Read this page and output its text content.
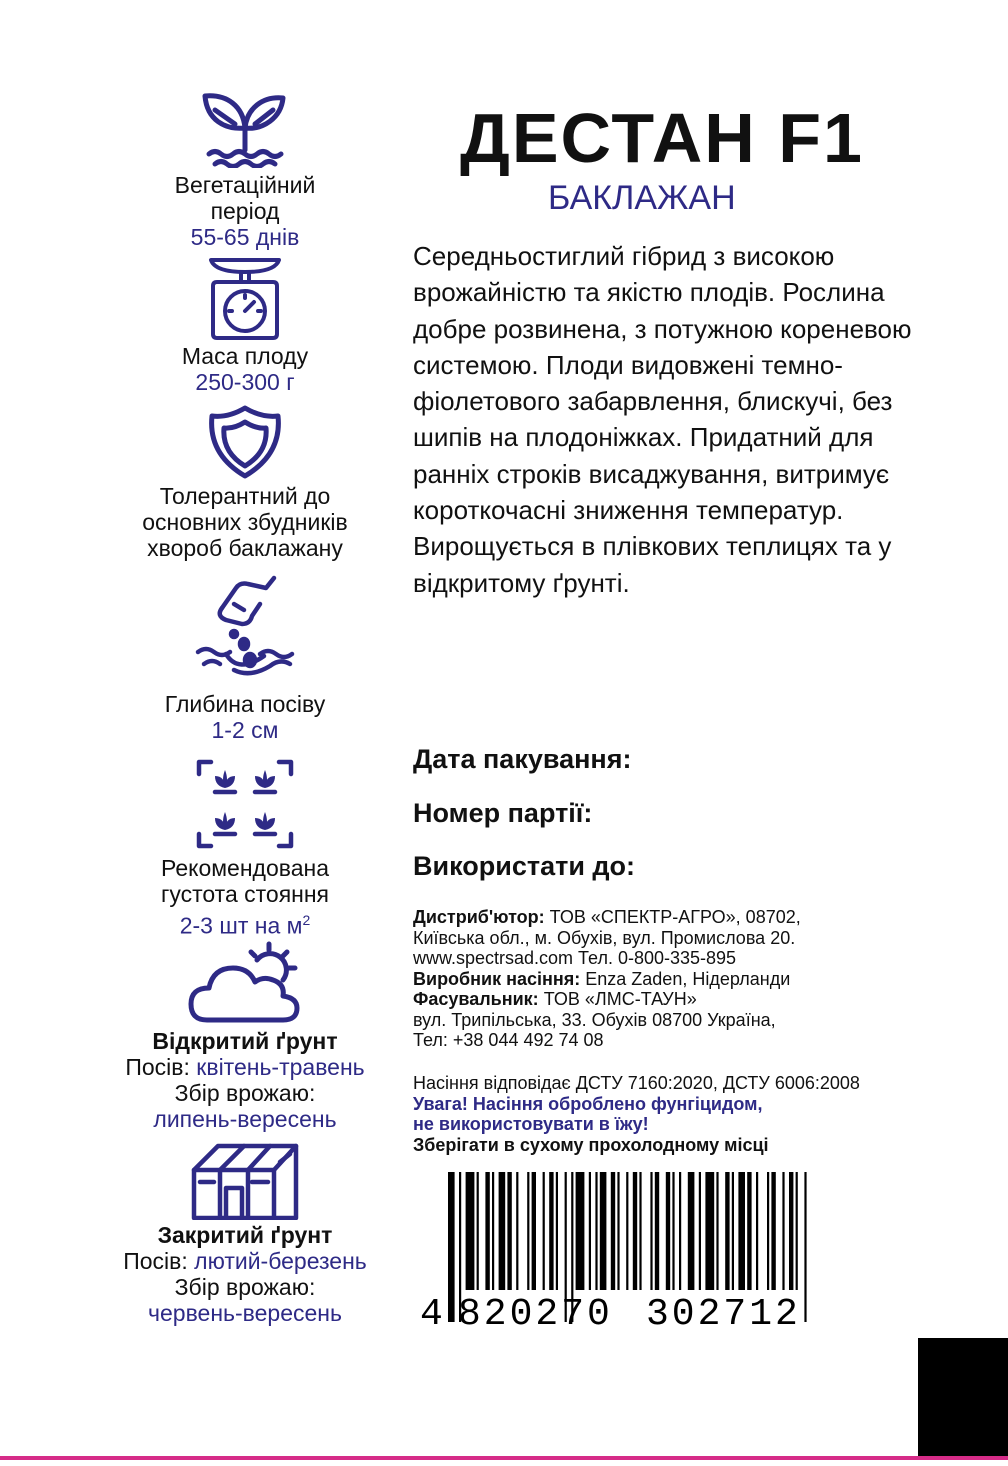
Вегетаційний
період
55-65 днів
Маса плоду
250-300 г
Толерантний до
основних збудників
хвороб баклажану
Глибина посіву
1-2 см
Рекомендована
густота стояння
2-3 шт на $м^2$
Відкритий ґрунт
Посів: квітень-травень
Збір врожаю:
липень-вересень
Закритий ґрунт
Посів: лютий-березень
Збір врожаю:
червень-вересень
ДЕСТАН F1
БАКЛАЖАН
Середньостиглий гібрид з високою врожайністю та якістю плодів. Рослина добре розвинена, з потужною кореневою системою. Плоди видовжені темно-фіолетового забарвлення, блискучі, без шипів на плодоніжках. Придатний для ранніх строків висаджування, витримує короткочасні зниження температур. Вирощується в плівкових теплицях та у відкритому ґрунті.
Дата пакування:
Номер партії:
Використати до:
Дистриб'ютор: ТОВ «СПЕКТР-АГРО», 08702,
Київська обл., м. Обухів, вул. Промислова 20.
www.spectrsad.com Тел. 0-800-335-895
Виробник насіння: Enza Zaden, Нідерланди
Фасувальник: ТОВ «ЛМС-ТАУН»
вул. Трипільська, 33. Обухів 08700 Україна,
Тел: +38 044 492 74 08
Насіння відповідає ДСТУ 7160:2020, ДСТУ 6006:2008
Увага! Насіння оброблено фунгіцидом,
не використовувати в їжу!
Зберігати в сухому прохолодному місці
4 820270 302712
